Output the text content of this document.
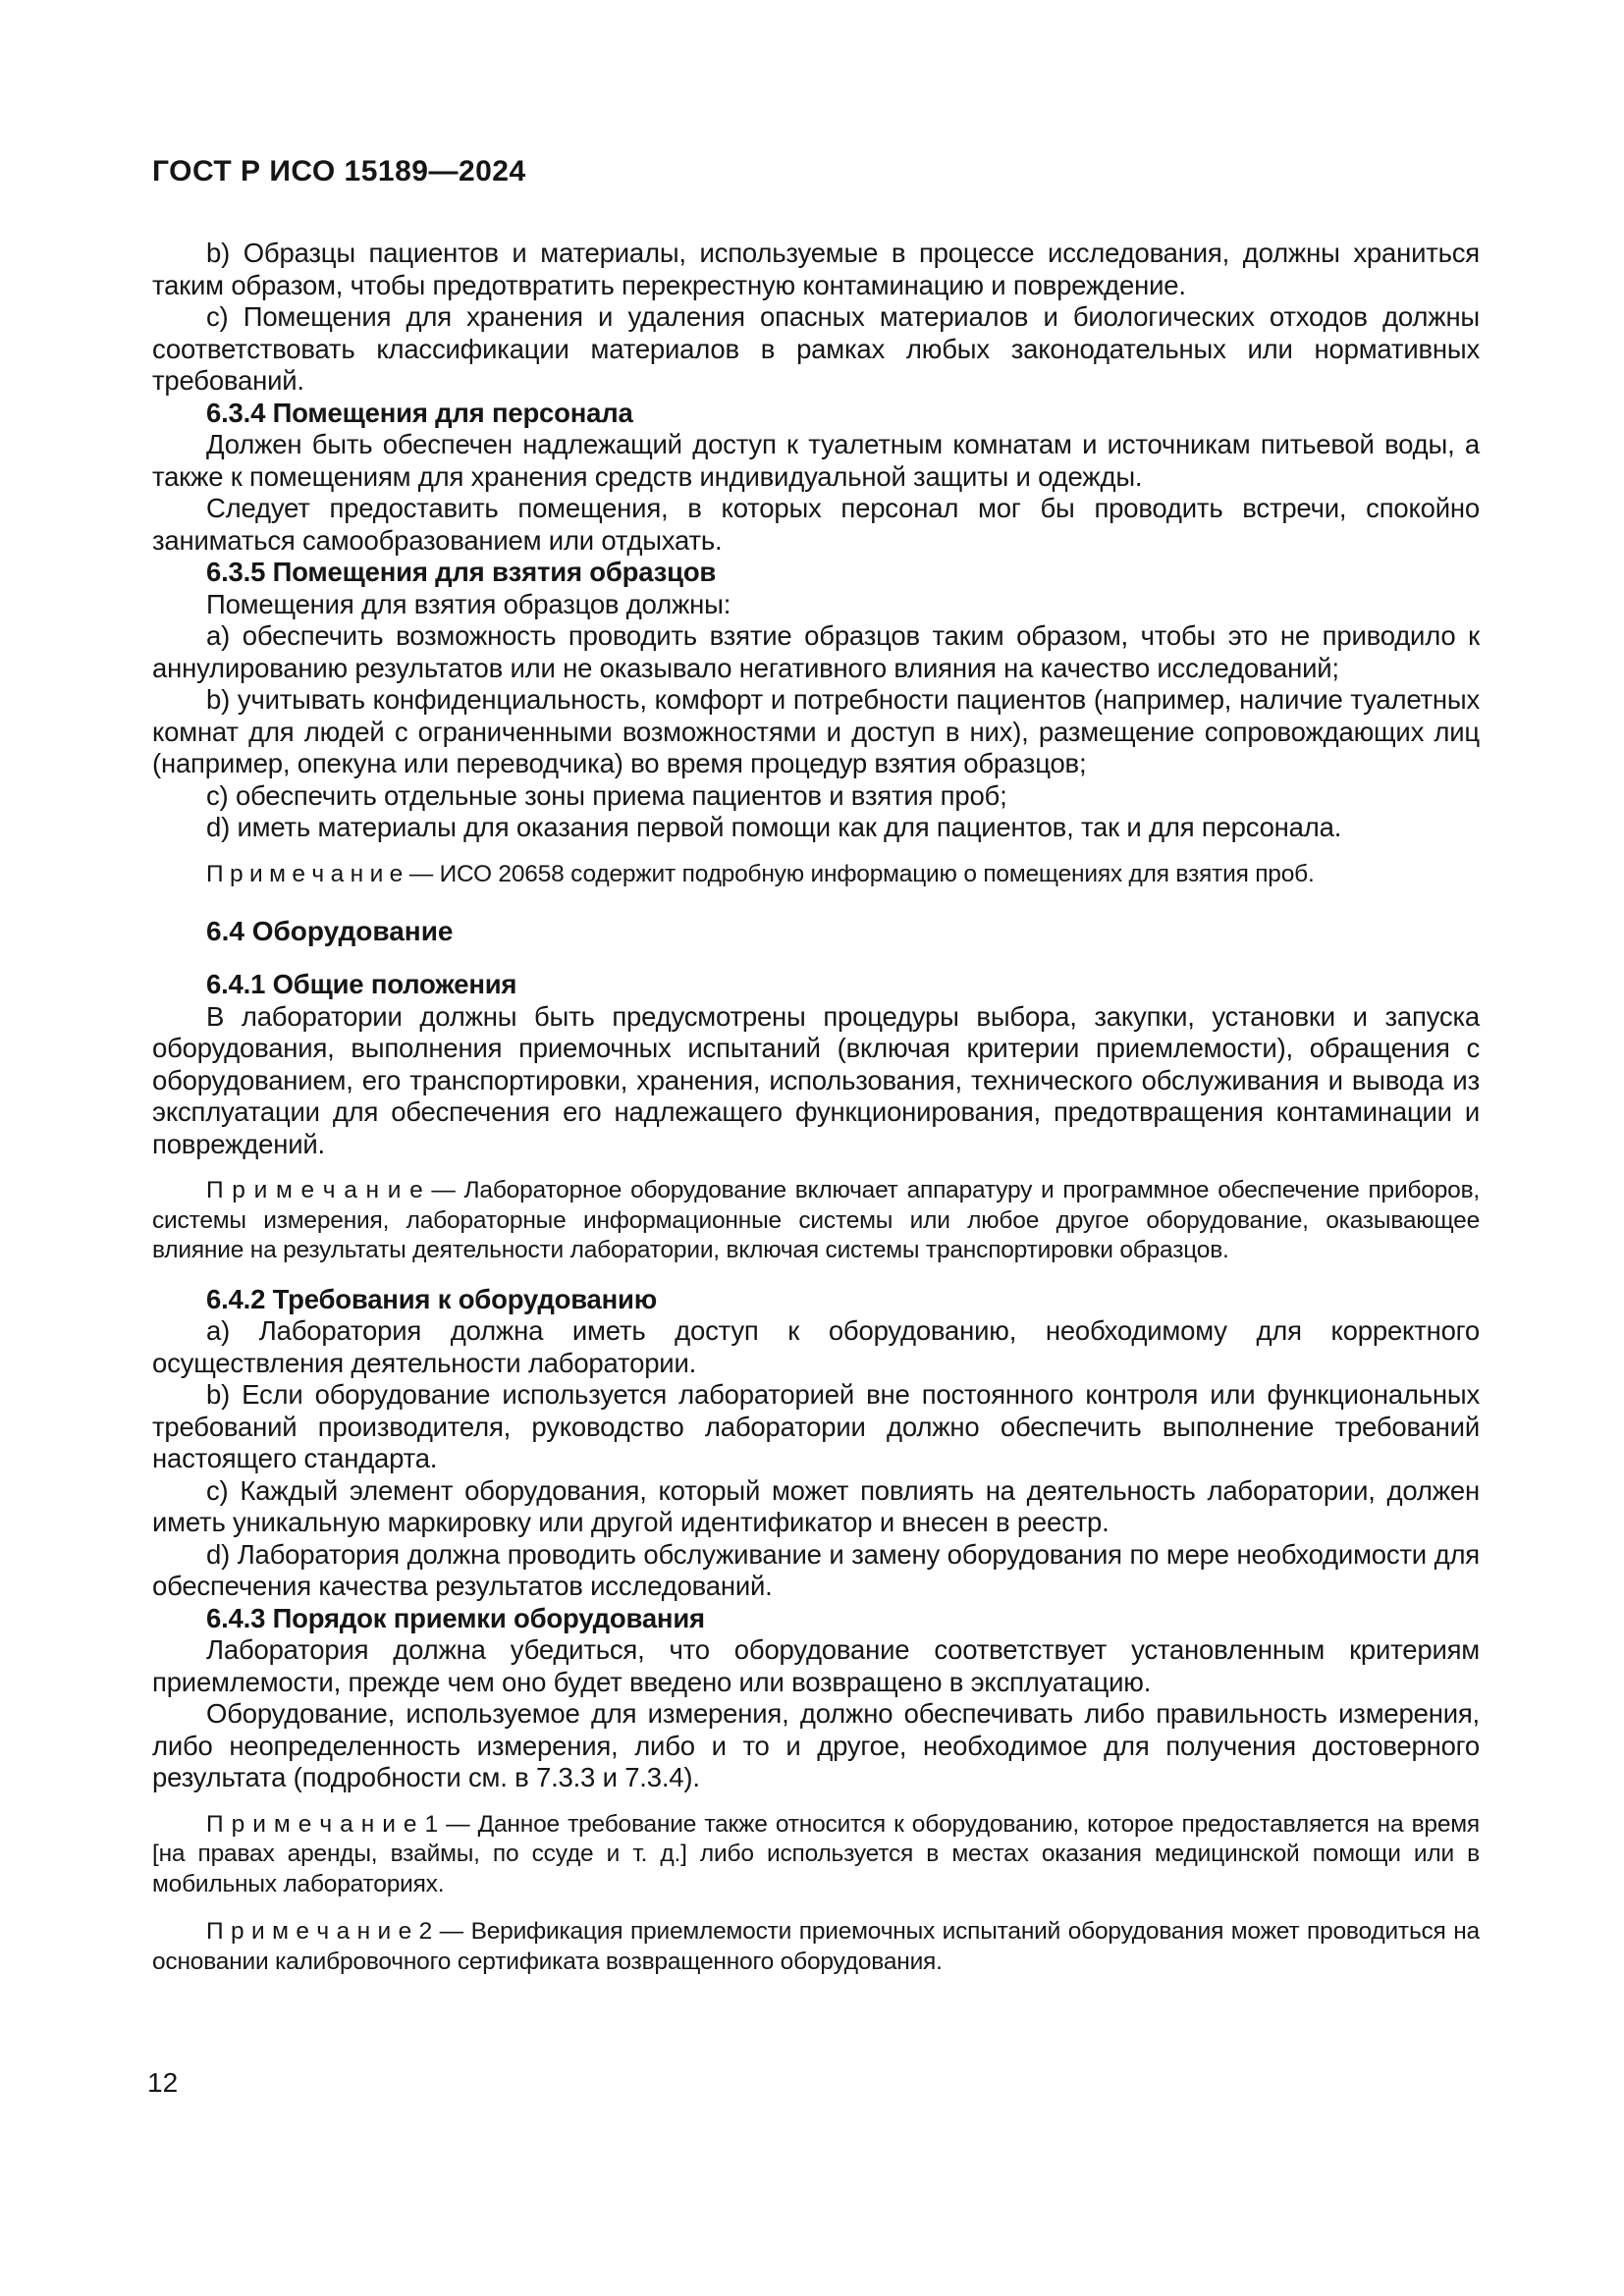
ГОСТ Р ИСО 15189—2024

b) Образцы пациентов и материалы, используемые в процессе исследования, должны храниться таким образом, чтобы предотвратить перекрестную контаминацию и повреждение.

c) Помещения для хранения и удаления опасных материалов и биологических отходов должны соответствовать классификации материалов в рамках любых законодательных или нормативных требований.

6.3.4 Помещения для персонала

Должен быть обеспечен надлежащий доступ к туалетным комнатам и источникам питьевой воды, а также к помещениям для хранения средств индивидуальной защиты и одежды.

Следует предоставить помещения, в которых персонал мог бы проводить встречи, спокойно заниматься самообразованием или отдыхать.

6.3.5 Помещения для взятия образцов

Помещения для взятия образцов должны:

a) обеспечить возможность проводить взятие образцов таким образом, чтобы это не приводило к аннулированию результатов или не оказывало негативного влияния на качество исследований;

b) учитывать конфиденциальность, комфорт и потребности пациентов (например, наличие туалетных комнат для людей с ограниченными возможностями и доступ в них), размещение сопровождающих лиц (например, опекуна или переводчика) во время процедур взятия образцов;

c) обеспечить отдельные зоны приема пациентов и взятия проб;

d) иметь материалы для оказания первой помощи как для пациентов, так и для персонала.

П р и м е ч а н и е — ИСО 20658 содержит подробную информацию о помещениях для взятия проб.

6.4 Оборудование

6.4.1 Общие положения

В лаборатории должны быть предусмотрены процедуры выбора, закупки, установки и запуска оборудования, выполнения приемочных испытаний (включая критерии приемлемости), обращения с оборудованием, его транспортировки, хранения, использования, технического обслуживания и вывода из эксплуатации для обеспечения его надлежащего функционирования, предотвращения контаминации и повреждений.

П р и м е ч а н и е — Лабораторное оборудование включает аппаратуру и программное обеспечение приборов, системы измерения, лабораторные информационные системы или любое другое оборудование, оказывающее влияние на результаты деятельности лаборатории, включая системы транспортировки образцов.

6.4.2 Требования к оборудованию

a) Лаборатория должна иметь доступ к оборудованию, необходимому для корректного осуществления деятельности лаборатории.

b) Если оборудование используется лабораторией вне постоянного контроля или функциональных требований производителя, руководство лаборатории должно обеспечить выполнение требований настоящего стандарта.

c) Каждый элемент оборудования, который может повлиять на деятельность лаборатории, должен иметь уникальную маркировку или другой идентификатор и внесен в реестр.

d) Лаборатория должна проводить обслуживание и замену оборудования по мере необходимости для обеспечения качества результатов исследований.

6.4.3 Порядок приемки оборудования

Лаборатория должна убедиться, что оборудование соответствует установленным критериям приемлемости, прежде чем оно будет введено или возвращено в эксплуатацию.

Оборудование, используемое для измерения, должно обеспечивать либо правильность измерения, либо неопределенность измерения, либо и то и другое, необходимое для получения достоверного результата (подробности см. в 7.3.3 и 7.3.4).

П р и м е ч а н и е 1 — Данное требование также относится к оборудованию, которое предоставляется на время [на правах аренды, взаймы, по ссуде и т. д.] либо используется в местах оказания медицинской помощи или в мобильных лабораториях.

П р и м е ч а н и е 2 — Верификация приемлемости приемочных испытаний оборудования может проводиться на основании калибровочного сертификата возвращенного оборудования.

12
